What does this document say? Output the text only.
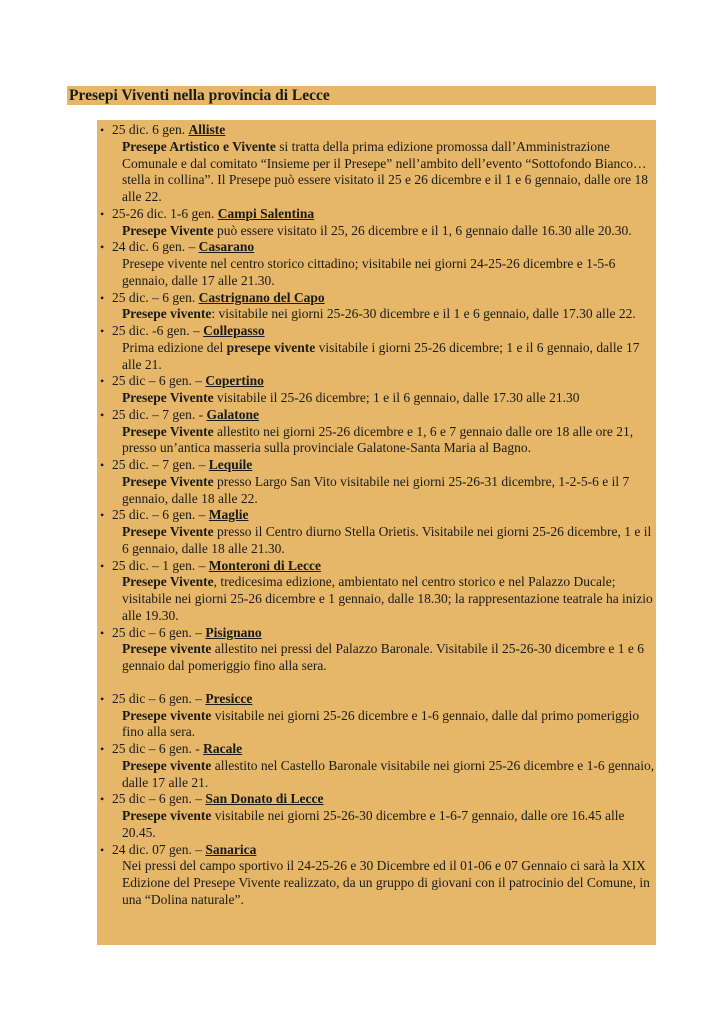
Presepi Viventi nella provincia di Lecce
• 25 dic. 6 gen. Alliste
Presepe Artistico e Vivente si tratta della prima edizione promossa dall’Amministrazione Comunale e dal comitato “Insieme per il Presepe” nell’ambito dell’evento “Sottofondo Bianco… stella in collina”. Il Presepe può essere visitato il 25 e 26 dicembre e il 1 e 6 gennaio, dalle ore 18 alle 22.
• 25-26 dic. 1-6 gen. Campi Salentina
Presepe Vivente può essere visitato il 25, 26 dicembre e il 1, 6 gennaio dalle 16.30 alle 20.30.
• 24 dic. 6 gen. – Casarano
Presepe vivente nel centro storico cittadino; visitabile nei giorni 24-25-26 dicembre e 1-5-6 gennaio, dalle 17 alle 21.30.
• 25 dic. – 6 gen. Castrignano del Capo
Presepe vivente: visitabile nei giorni 25-26-30 dicembre e il 1 e 6 gennaio, dalle 17.30 alle 22.
• 25 dic. -6 gen. – Collepasso
Prima edizione del presepe vivente visitabile i giorni 25-26 dicembre; 1 e il 6 gennaio, dalle 17 alle 21.
• 25 dic – 6 gen. – Copertino
Presepe Vivente visitabile il 25-26 dicembre; 1 e il 6 gennaio, dalle 17.30 alle 21.30
• 25 dic. – 7 gen. - Galatone
Presepe Vivente allestito nei giorni 25-26 dicembre e 1, 6 e 7 gennaio dalle ore 18 alle ore 21, presso un’antica masseria sulla provinciale Galatone-Santa Maria al Bagno.
• 25 dic. – 7 gen. – Lequile
Presepe Vivente presso Largo San Vito visitabile nei giorni 25-26-31 dicembre, 1-2-5-6 e il 7 gennaio, dalle 18 alle 22.
• 25 dic. – 6 gen. – Maglie
Presepe Vivente presso il Centro diurno Stella Orietis. Visitabile nei giorni 25-26 dicembre, 1 e il 6 gennaio, dalle 18 alle 21.30.
• 25 dic. – 1 gen. – Monteroni di Lecce
Presepe Vivente, tredicesima edizione, ambientato nel centro storico e nel Palazzo Ducale; visitabile nei giorni 25-26 dicembre e 1 gennaio, dalle 18.30; la rappresentazione teatrale ha inizio alle 19.30.
• 25 dic – 6 gen. – Pisignano
Presepe vivente allestito nei pressi del Palazzo Baronale. Visitabile il 25-26-30 dicembre e 1 e 6 gennaio dal pomeriggio fino alla sera.
• 25 dic – 6 gen. – Presicce
Presepe vivente visitabile nei giorni 25-26 dicembre e 1-6 gennaio, dalle dal primo pomeriggio fino alla sera.
• 25 dic – 6 gen. - Racale
Presepe vivente allestito nel Castello Baronale visitabile nei giorni 25-26 dicembre e 1-6 gennaio, dalle 17 alle 21.
• 25 dic – 6 gen. – San Donato di Lecce
Presepe vivente visitabile nei giorni 25-26-30 dicembre e 1-6-7 gennaio, dalle ore 16.45 alle 20.45.
• 24 dic. 07 gen. – Sanarica
Nei pressi del campo sportivo il 24-25-26 e 30 Dicembre ed il 01-06 e 07 Gennaio ci sarà la XIX Edizione del Presepe Vivente realizzato, da un gruppo di giovani con il patrocinio del Comune, in una “Dolina naturale”.
